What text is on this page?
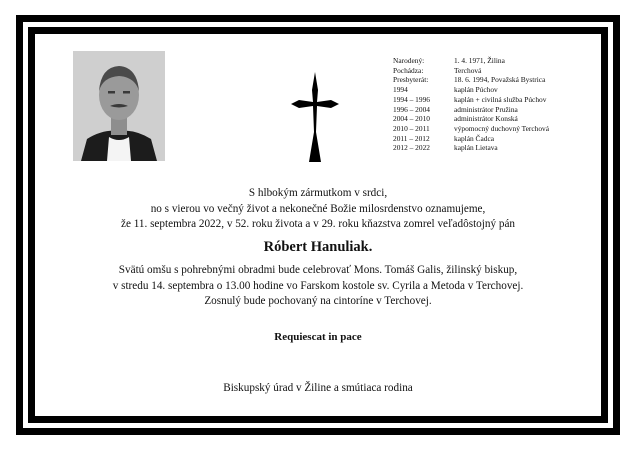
Narodený:	1. 4. 1971, Žilina
Pochádza:	Terchová
Presbyterát:	18. 6. 1994, Považská Bystrica
1994	kaplán Púchov
1994 – 1996	kaplán + civilná služba Púchov
1996 – 2004	administrátor Pružina
2004 – 2010	administrátor Konská
2010 – 2011	výpomocný duchovný Terchová
2011 – 2012	kaplán Čadca
2012 – 2022	kaplán Lietava
S hlbokým zármutkom v srdci,
no s vierou vo večný život a nekonečné Božie milosrdenstvo oznamujeme,
že 11. septembra 2022, v 52. roku života a v 29. roku kňazstva zomrel veľadôstojný pán
Róbert Hanuliak.
Svätú omšu s pohrebnými obradmi bude celebrovať Mons. Tomáš Galis, žilinský biskup,
v stredu 14. septembra o 13.00 hodine vo Farskom kostole sv. Cyrila a Metoda v Terchovej.
Zosnulý bude pochovaný na cintoríne v Terchovej.
Requiescat in pace
Biskupský úrad v Žiline a smútiaca rodina
